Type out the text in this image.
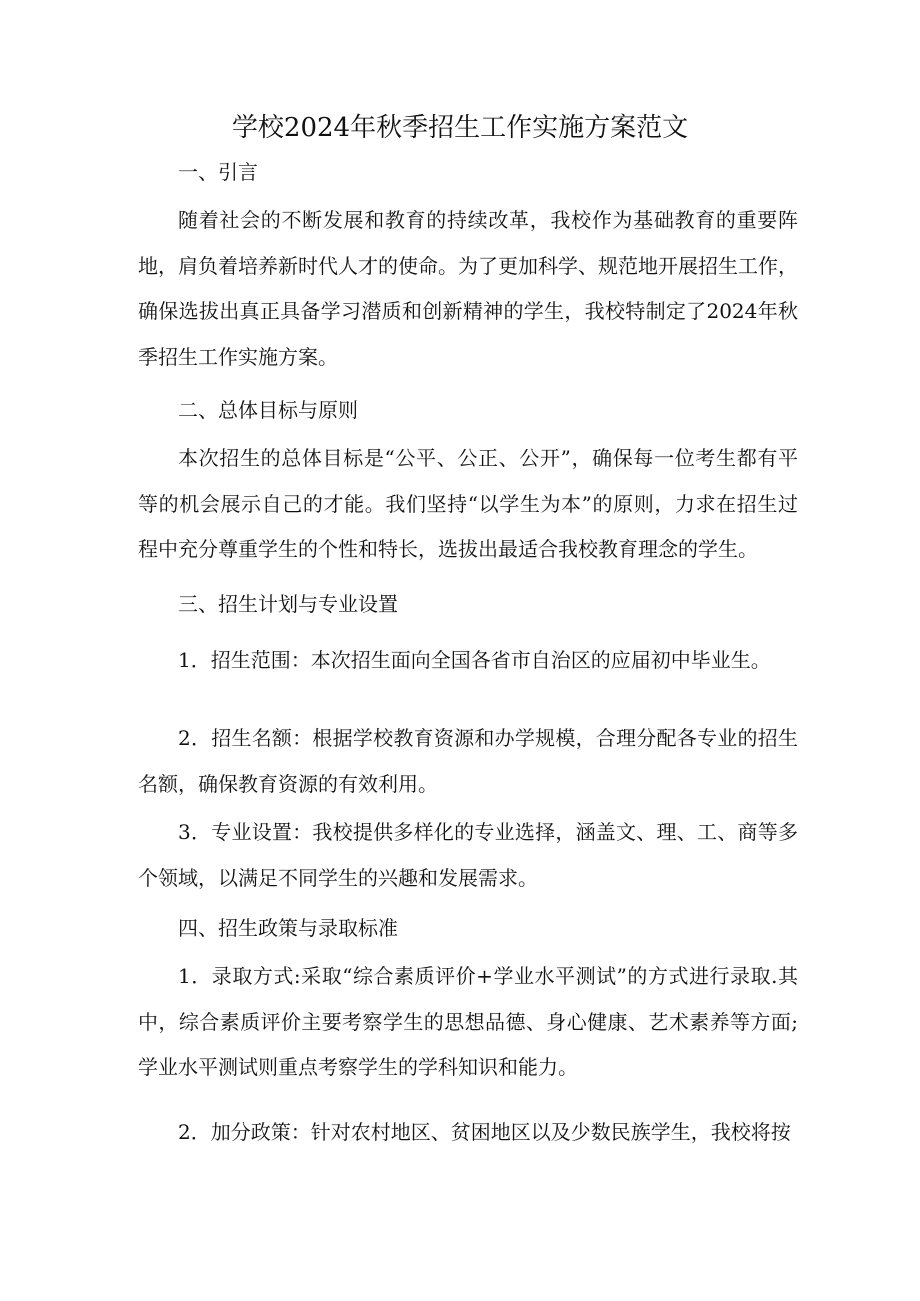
学校2024年秋季招生工作实施方案范文

一、引言

随着社会的不断发展和教育的持续改革，我校作为基础教育的重要阵地，肩负着培养新时代人才的使命。为了更加科学、规范地开展招生工作，确保选拔出真正具备学习潜质和创新精神的学生，我校特制定了2024年秋季招生工作实施方案。

二、总体目标与原则

本次招生的总体目标是“公平、公正、公开”，确保每一位考生都有平等的机会展示自己的才能。我们坚持“以学生为本”的原则，力求在招生过程中充分尊重学生的个性和特长，选拔出最适合我校教育理念的学生。

三、招生计划与专业设置

1．招生范围：本次招生面向全国各省市自治区的应届初中毕业生。

2．招生名额：根据学校教育资源和办学规模，合理分配各专业的招生名额，确保教育资源的有效利用。

3．专业设置：我校提供多样化的专业选择，涵盖文、理、工、商等多个领域，以满足不同学生的兴趣和发展需求。

四、招生政策与录取标准

1．录取方式:采取“综合素质评价+学业水平测试”的方式进行录取.其中，综合素质评价主要考察学生的思想品德、身心健康、艺术素养等方面;学业水平测试则重点考察学生的学科知识和能力。

2．加分政策：针对农村地区、贫困地区以及少数民族学生，我校将按
